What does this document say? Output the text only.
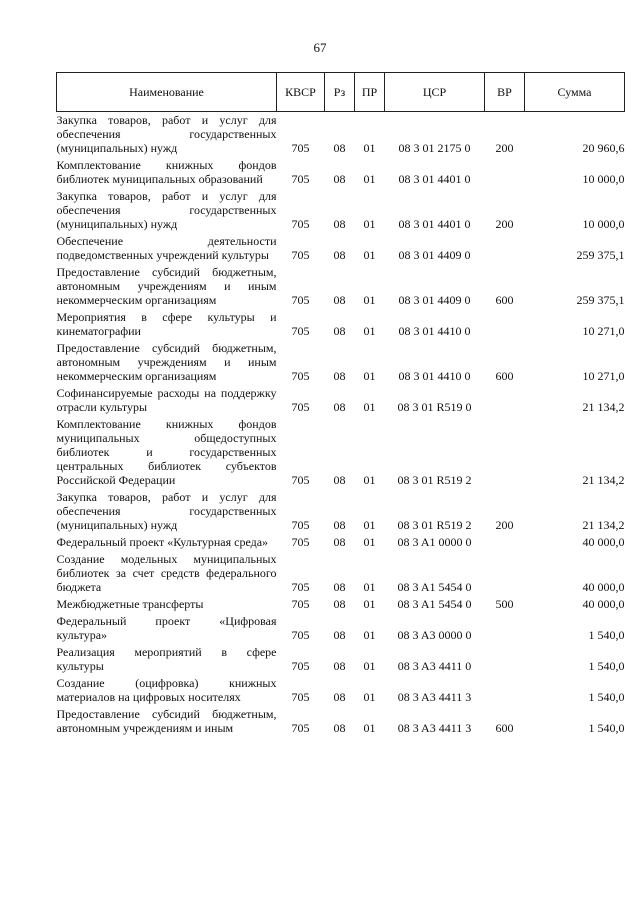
67
Наименование	КВСР	Рз	ПР	ЦСР	ВР	Сумма
Закупка товаров, работ и услуг для обеспечения государственных (муниципальных) нужд	705	08	01	08 3 01 2175 0	200	20 960,6
Комплектование книжных фондов библиотек муниципальных образований	705	08	01	08 3 01 4401 0		10 000,0
Закупка товаров, работ и услуг для обеспечения государственных (муниципальных) нужд	705	08	01	08 3 01 4401 0	200	10 000,0
Обеспечение деятельности подведомственных учреждений культуры	705	08	01	08 3 01 4409 0		259 375,1
Предоставление субсидий бюджетным, автономным учреждениям и иным некоммерческим организациям	705	08	01	08 3 01 4409 0	600	259 375,1
Мероприятия в сфере культуры и кинематографии	705	08	01	08 3 01 4410 0		10 271,0
Предоставление субсидий бюджетным, автономным учреждениям и иным некоммерческим организациям	705	08	01	08 3 01 4410 0	600	10 271,0
Софинансируемые расходы на поддержку отрасли культуры	705	08	01	08 3 01 R519 0		21 134,2
Комплектование книжных фондов муниципальных общедоступных библиотек и государственных центральных библиотек субъектов Российской Федерации	705	08	01	08 3 01 R519 2		21 134,2
Закупка товаров, работ и услуг для обеспечения государственных (муниципальных) нужд	705	08	01	08 3 01 R519 2	200	21 134,2
Федеральный проект «Культурная среда»	705	08	01	08 3 A1 0000 0		40 000,0
Создание модельных муниципальных библиотек за счет средств федерального бюджета	705	08	01	08 3 A1 5454 0		40 000,0
Межбюджетные трансферты	705	08	01	08 3 A1 5454 0	500	40 000,0
Федеральный проект «Цифровая культура»	705	08	01	08 3 A3 0000 0		1 540,0
Реализация мероприятий в сфере культуры	705	08	01	08 3 A3 4411 0		1 540,0
Создание (оцифровка) книжных материалов на цифровых носителях	705	08	01	08 3 A3 4411 3		1 540,0
Предоставление субсидий бюджетным, автономным учреждениям и иным	705	08	01	08 3 A3 4411 3	600	1 540,0
